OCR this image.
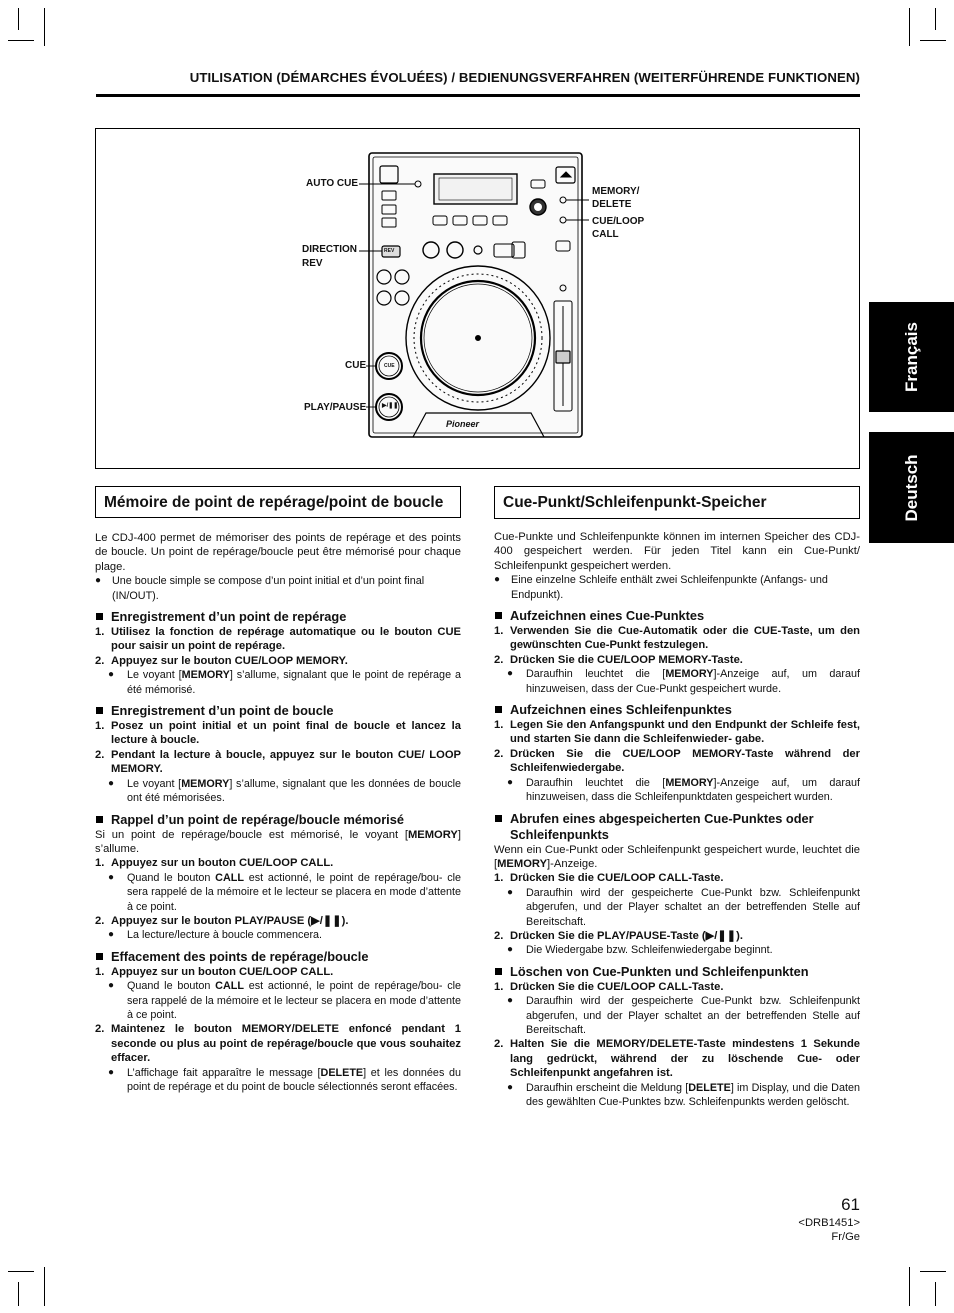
UTILISATION (DÉMARCHES ÉVOLUÉES) / BEDIENUNGSVERFAHREN (WEITERFÜHRENDE FUNKTIONEN)
REV
CUE
▶/❚❚
Pioneer
AUTO CUE
DIRECTION
REV
CUE
PLAY/PAUSE
MEMORY/
DELETE
CUE/LOOP
CALL
Français
Deutsch
Mémoire de point de repérage/point de boucle
Le CDJ-400 permet de mémoriser des points de repérage et des points de boucle. Un point de repérage/boucle peut être mémorisé pour chaque plage.
● Une boucle simple se compose d’un point initial et d’un point final (IN/OUT).
Enregistrement d’un point de repérage
1. Utilisez la fonction de repérage automatique ou le bouton CUE pour saisir un point de repérage.
2. Appuyez sur le bouton CUE/LOOP MEMORY.
● Le voyant [MEMORY] s’allume, signalant que le point de repérage a été mémorisé.
Enregistrement d’un point de boucle
1. Posez un point initial et un point final de boucle et lancez la lecture à boucle.
2. Pendant la lecture à boucle, appuyez sur le bouton CUE/ LOOP MEMORY.
● Le voyant [MEMORY] s’allume, signalant que les données de boucle ont été mémorisées.
Rappel d’un point de repérage/boucle mémorisé
Si un point de repérage/boucle est mémorisé, le voyant [MEMORY] s’allume.
1. Appuyez sur un bouton CUE/LOOP CALL.
● Quand le bouton CALL est actionné, le point de repérage/bou- cle sera rappelé de la mémoire et le lecteur se placera en mode d’attente à ce point.
2. Appuyez sur le bouton PLAY/PAUSE (▶/❚❚).
● La lecture/lecture à boucle commencera.
Effacement des points de repérage/boucle
1. Appuyez sur un bouton CUE/LOOP CALL.
● Quand le bouton CALL est actionné, le point de repérage/bou- cle sera rappelé de la mémoire et le lecteur se placera en mode d’attente à ce point.
2. Maintenez le bouton MEMORY/DELETE enfoncé pendant 1 seconde ou plus au point de repérage/boucle que vous souhaitez effacer.
● L’affichage fait apparaître le message [DELETE] et les données du point de repérage et du point de boucle sélectionnés seront effacées.
Cue-Punkt/Schleifenpunkt-Speicher
Cue-Punkte und Schleifenpunkte können im internen Speicher des CDJ-400 gespeichert werden. Für jeden Titel kann ein Cue-Punkt/ Schleifenpunkt gespeichert werden.
● Eine einzelne Schleife enthält zwei Schleifenpunkte (Anfangs- und Endpunkt).
Aufzeichnen eines Cue-Punktes
1. Verwenden Sie die Cue-Automatik oder die CUE-Taste, um den gewünschten Cue-Punkt festzulegen.
2. Drücken Sie die CUE/LOOP MEMORY-Taste.
● Daraufhin leuchtet die [MEMORY]-Anzeige auf, um darauf hinzuweisen, dass der Cue-Punkt gespeichert wurde.
Aufzeichnen eines Schleifenpunktes
1. Legen Sie den Anfangspunkt und den Endpunkt der Schleife fest, und starten Sie dann die Schleifenwieder- gabe.
2. Drücken Sie die CUE/LOOP MEMORY-Taste während der Schleifenwiedergabe.
● Daraufhin leuchtet die [MEMORY]-Anzeige auf, um darauf hinzuweisen, dass die Schleifenpunktdaten gespeichert wurden.
Abrufen eines abgespeicherten Cue-Punktes oder Schleifenpunkts
Wenn ein Cue-Punkt oder Schleifenpunkt gespeichert wurde, leuchtet die [MEMORY]-Anzeige.
1. Drücken Sie die CUE/LOOP CALL-Taste.
● Daraufhin wird der gespeicherte Cue-Punkt bzw. Schleifenpunkt abgerufen, und der Player schaltet an der betreffenden Stelle auf Bereitschaft.
2. Drücken Sie die PLAY/PAUSE-Taste (▶/❚❚).
● Die Wiedergabe bzw. Schleifenwiedergabe beginnt.
Löschen von Cue-Punkten und Schleifenpunkten
1. Drücken Sie die CUE/LOOP CALL-Taste.
● Daraufhin wird der gespeicherte Cue-Punkt bzw. Schleifenpunkt abgerufen, und der Player schaltet an der betreffenden Stelle auf Bereitschaft.
2. Halten Sie die MEMORY/DELETE-Taste mindestens 1 Sekunde lang gedrückt, während der zu löschende Cue- oder Schleifenpunkt angefahren ist.
● Daraufhin erscheint die Meldung [DELETE] im Display, und die Daten des gewählten Cue-Punktes bzw. Schleifenpunkts werden gelöscht.
61
<DRB1451>
Fr/Ge
